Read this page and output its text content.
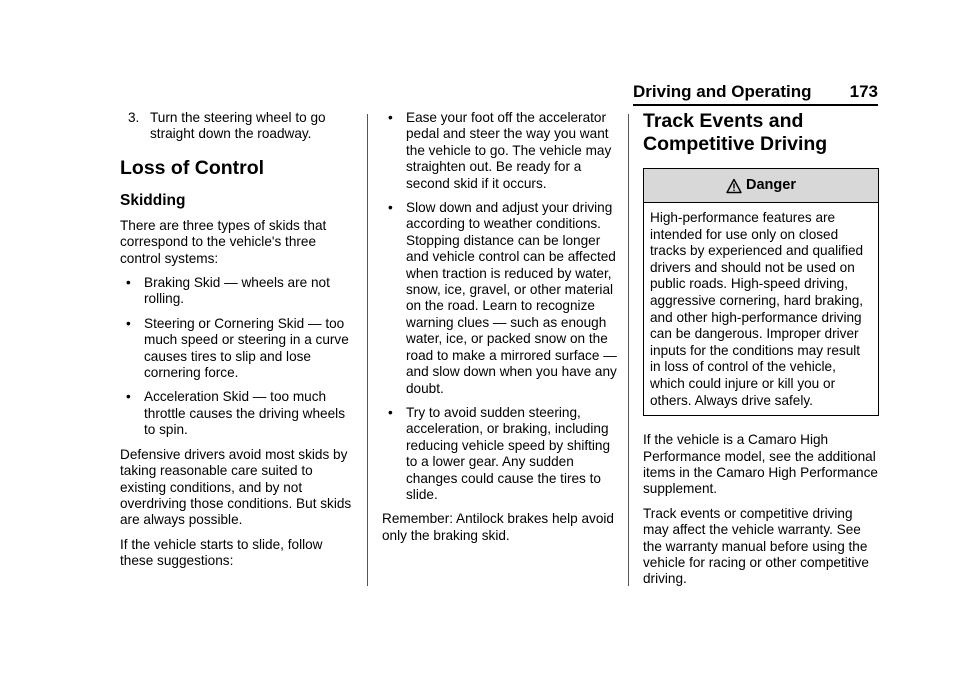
Driving and Operating 173
3. Turn the steering wheel to go straight down the roadway.
Loss of Control
Skidding

There are three types of skids that correspond to the vehicle's three control systems:

• Braking Skid — wheels are not rolling.
• Steering or Cornering Skid — too much speed or steering in a curve causes tires to slip and lose cornering force.
• Acceleration Skid — too much throttle causes the driving wheels to spin.

Defensive drivers avoid most skids by taking reasonable care suited to existing conditions, and by not overdriving those conditions. But skids are always possible.

If the vehicle starts to slide, follow these suggestions:

• Ease your foot off the accelerator pedal and steer the way you want the vehicle to go. The vehicle may straighten out. Be ready for a second skid if it occurs.
• Slow down and adjust your driving according to weather conditions. Stopping distance can be longer and vehicle control can be affected when traction is reduced by water, snow, ice, gravel, or other material on the road. Learn to recognize warning clues — such as enough water, ice, or packed snow on the road to make a mirrored surface — and slow down when you have any doubt.
• Try to avoid sudden steering, acceleration, or braking, including reducing vehicle speed by shifting to a lower gear. Any sudden changes could cause the tires to slide.

Remember: Antilock brakes help avoid only the braking skid.

Track Events and Competitive Driving
Danger
High-performance features are intended for use only on closed tracks by experienced and qualified drivers and should not be used on public roads. High-speed driving, aggressive cornering, hard braking, and other high-performance driving can be dangerous. Improper driver inputs for the conditions may result in loss of control of the vehicle, which could injure or kill you or others. Always drive safely.

If the vehicle is a Camaro High Performance model, see the additional items in the Camaro High Performance supplement.

Track events or competitive driving may affect the vehicle warranty. See the warranty manual before using the vehicle for racing or other competitive driving.
